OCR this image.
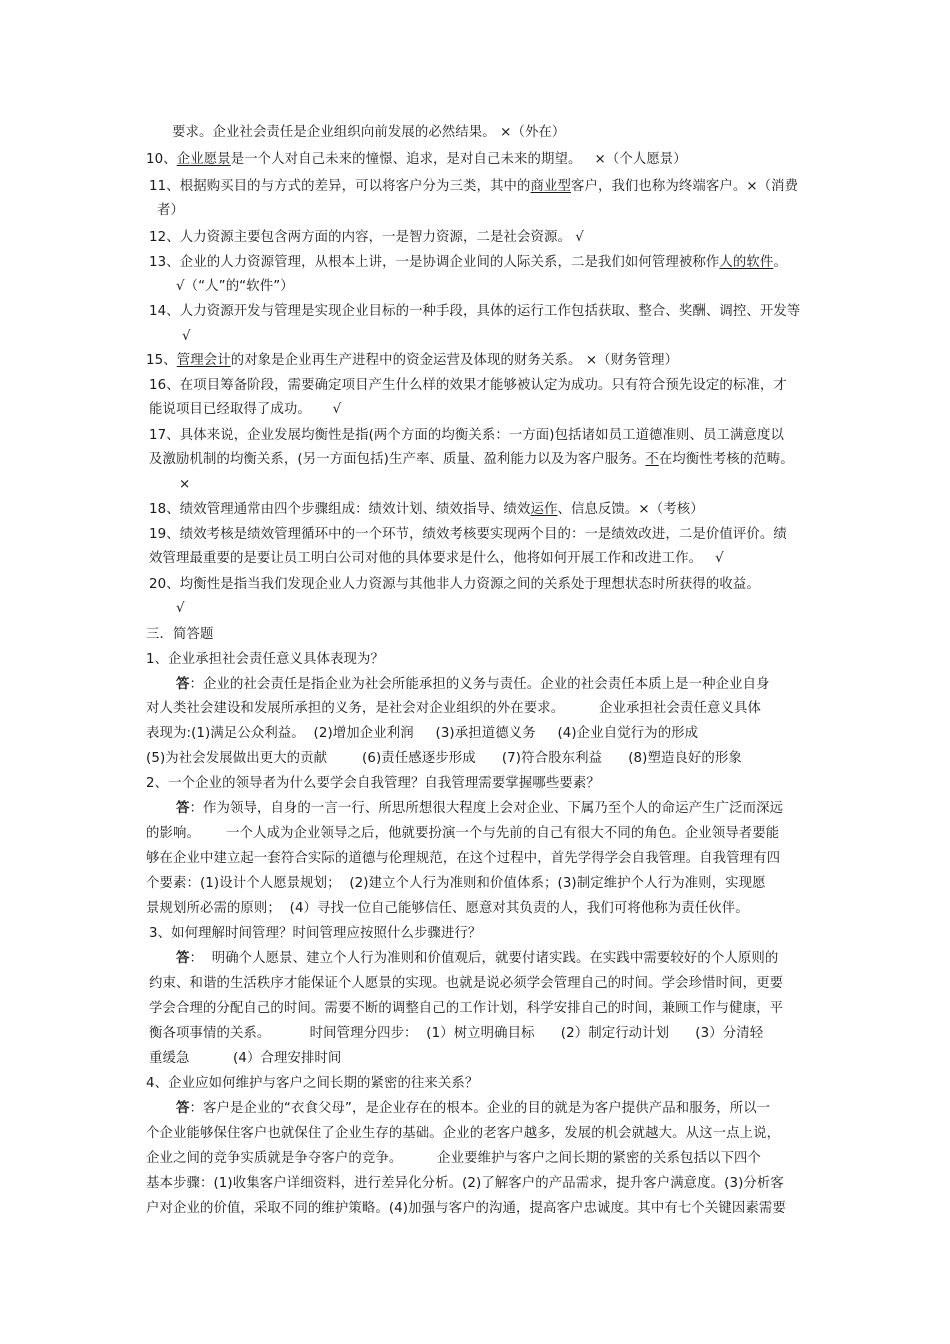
要求。企业社会责任是企业组织向前发展的必然结果。 ×（外在）
10、企业愿景是一个人对自己未来的憧憬、追求，是对自己未来的期望。   ×（个人愿景）
11、根据购买目的与方式的差异，可以将客户分为三类，其中的商业型客户，我们也称为终端客户。×（消费
者）
12、人力资源主要包含两方面的内容，一是智力资源，二是社会资源。 √
13、企业的人力资源管理，从根本上讲，一是协调企业间的人际关系，二是我们如何管理被称作人的软件。
√（“人”的“软件”）
14、人力资源开发与管理是实现企业目标的一种手段，具体的运行工作包括获取、整合、奖酬、调控、开发等
√
15、管理会计的对象是企业再生产进程中的资金运营及体现的财务关系。 ×（财务管理）
16、在项目筹备阶段，需要确定项目产生什么样的效果才能够被认定为成功。只有符合预先设定的标准，才
能说项目已经取得了成功。     √
17、具体来说，企业发展均衡性是指(两个方面的均衡关系：一方面)包括诸如员工道德准则、员工满意度以
及激励机制的均衡关系，(另一方面包括)生产率、质量、盈利能力以及为客户服务。不在均衡性考核的范畴。
×
18、绩效管理通常由四个步骤组成：绩效计划、绩效指导、绩效运作、信息反馈。×（考核）
19、绩效考核是绩效管理循环中的一个环节，绩效考核要实现两个目的：一是绩效改进，二是价值评价。绩
效管理最重要的是要让员工明白公司对他的具体要求是什么，他将如何开展工作和改进工作。   √
20、均衡性是指当我们发现企业人力资源与其他非人力资源之间的关系处于理想状态时所获得的收益。
√
三．简答题
1、企业承担社会责任意义具体表现为？
答：企业的社会责任是指企业为社会所能承担的义务与责任。企业的社会责任本质上是一种企业自身
对人类社会建设和发展所承担的义务，是社会对企业组织的外在要求。        企业承担社会责任意义具体
表现为:(1)满足公众利益。  (2)增加企业利润     (3)承担道德义务     (4)企业自觉行为的形成
(5)为社会发展做出更大的贡献        (6)责任感逐步形成      (7)符合股东利益      (8)塑造良好的形象
2、一个企业的领导者为什么要学会自我管理？自我管理需要掌握哪些要素？
答：作为领导，自身的一言一行、所思所想很大程度上会对企业、下属乃至个人的命运产生广泛而深远
的影响。      一个人成为企业领导之后，他就要扮演一个与先前的自己有很大不同的角色。企业领导者要能
够在企业中建立起一套符合实际的道德与伦理规范，在这个过程中，首先学得学会自我管理。自我管理有四
个要素：(1)设计个人愿景规划；  (2)建立个人行为准则和价值体系；(3)制定维护个人行为准则，实现愿
景规划所必需的原则；  (4）寻找一位自己能够信任、愿意对其负责的人，我们可将他称为责任伙伴。
3、如何理解时间管理？时间管理应按照什么步骤进行？
答：  明确个人愿景、建立个人行为准则和价值观后，就要付诸实践。在实践中需要较好的个人原则的
约束、和谐的生活秩序才能保证个人愿景的实现。也就是说必须学会管理自己的时间。学会珍惜时间，更要
学会合理的分配自己的时间。需要不断的调整自己的工作计划，科学安排自己的时间，兼顾工作与健康，平
衡各项事情的关系。         时间管理分四步：  (1）树立明确目标      (2）制定行动计划      (3）分清轻
重缓急          (4）合理安排时间
4、企业应如何维护与客户之间长期的紧密的往来关系？
答：客户是企业的“衣食父母”，是企业存在的根本。企业的目的就是为客户提供产品和服务，所以一
个企业能够保住客户也就保住了企业生存的基础。企业的老客户越多，发展的机会就越大。从这一点上说，
企业之间的竞争实质就是争夺客户的竞争。        企业要维护与客户之间长期的紧密的关系包括以下四个
基本步骤：(1)收集客户详细资料，进行差异化分析。(2)了解客户的产品需求，提升客户满意度。(3)分析客
户对企业的价值，采取不同的维护策略。(4)加强与客户的沟通，提高客户忠诚度。其中有七个关键因素需要
